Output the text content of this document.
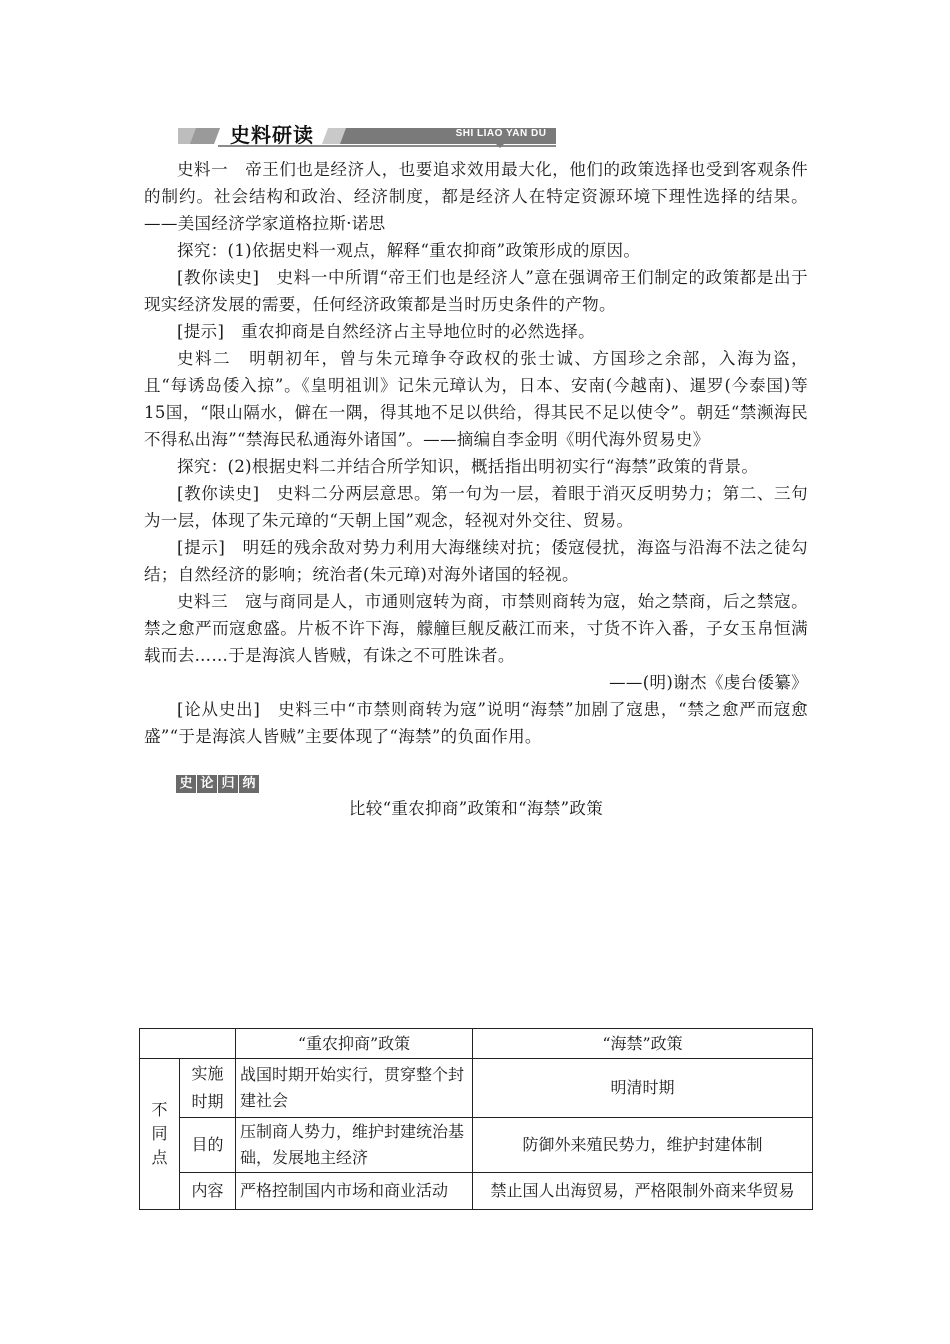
史料研读	SHI LIAO YAN DU

史料一　帝王们也是经济人，也要追求效用最大化，他们的政策选择也受到客观条件的制约。社会结构和政治、经济制度，都是经济人在特定资源环境下理性选择的结果。——美国经济学家道格拉斯·诺思

探究：(1)依据史料一观点，解释“重农抑商”政策形成的原因。

[教你读史]　史料一中所谓“帝王们也是经济人”意在强调帝王们制定的政策都是出于现实经济发展的需要，任何经济政策都是当时历史条件的产物。

[提示]　重农抑商是自然经济占主导地位时的必然选择。

史料二　明朝初年，曾与朱元璋争夺政权的张士诚、方国珍之余部，入海为盗，且“每诱岛倭入掠”。《皇明祖训》记朱元璋认为，日本、安南(今越南)、暹罗(今泰国)等15国，“限山隔水，僻在一隅，得其地不足以供给，得其民不足以使令”。朝廷“禁濒海民不得私出海”“禁海民私通海外诸国”。——摘编自李金明《明代海外贸易史》

探究：(2)根据史料二并结合所学知识，概括指出明初实行“海禁”政策的背景。

[教你读史]　史料二分两层意思。第一句为一层，着眼于消灭反明势力；第二、三句为一层，体现了朱元璋的“天朝上国”观念，轻视对外交往、贸易。

[提示]　明廷的残余敌对势力利用大海继续对抗；倭寇侵扰，海盗与沿海不法之徒勾结；自然经济的影响；统治者(朱元璋)对海外诸国的轻视。

史料三　寇与商同是人，市通则寇转为商，市禁则商转为寇，始之禁商，后之禁寇。禁之愈严而寇愈盛。片板不许下海，艨艟巨舰反蔽江而来，寸货不许入番，子女玉帛恒满载而去……于是海滨人皆贼，有诛之不可胜诛者。

——(明)谢杰《虔台倭纂》

[论从史出]　史料三中“市禁则商转为寇”说明“海禁”加剧了寇患，“禁之愈严而寇愈盛”“于是海滨人皆贼”主要体现了“海禁”的负面作用。

史 论 归 纳
比较“重农抑商”政策和“海禁”政策
		“重农抑商”政策	“海禁”政策

不同点	实施时期	战国时期开始实行，贯穿整个封建社会	明清时期
	目的	压制商人势力，维护封建统治基础，发展地主经济	防御外来殖民势力，维护封建体制
	内容	严格控制国内市场和商业活动	禁止国人出海贸易，严格限制外商来华贸易
